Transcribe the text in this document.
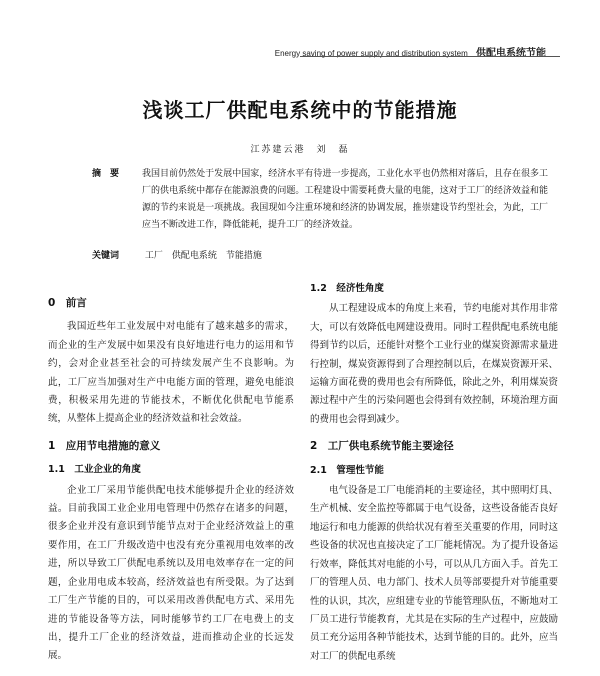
Energy saving of power supply and distribution system 供配电系统节能
浅谈工厂供配电系统中的节能措施
江苏建云港　刘　磊
摘　要	我国目前仍然处于发展中国家，经济水平有待进一步提高，工业化水平也仍然相对落后，且存在很多工厂的供电系统中都存在能源浪费的问题。工程建设中需要耗费大量的电能，这对于工厂的经济效益和能源的节约来说是一项挑战。我国现如今注重环境和经济的协调发展，推崇建设节约型社会，为此，工厂应当不断改进工作，降低能耗，提升工厂的经济效益。
关键词	工厂　供配电系统　节能措施
0　前言

我国近些年工业发展中对电能有了越来越多的需求，而企业的生产发展中如果没有良好地进行电力的运用和节约，会对企业甚至社会的可持续发展产生不良影响。为此，工厂应当加强对生产中电能方面的管理，避免电能浪费，积极采用先进的节能技术，不断优化供配电节能系统，从整体上提高企业的经济效益和社会效益。

1　应用节电措施的意义
1.1　工业企业的角度

企业工厂采用节能供配电技术能够提升企业的经济效益。目前我国工业企业用电管理中仍然存在诸多的问题，很多企业并没有意识到节能节点对于企业经济效益上的重要作用，在工厂升级改造中也没有充分重视用电效率的改进，所以导致工厂供配电系统以及用电效率存在一定的问题，企业用电成本较高，经济效益也有所受限。为了达到工厂生产节能的目的，可以采用改善供配电方式、采用先进的节能设备等方法，同时能够节约工厂在电费上的支出，提升工厂企业的经济效益，进而推动企业的长远发展。

1.2　经济性角度

从工程建设成本的角度上来看，节约电能对其作用非常大，可以有效降低电网建设费用。同时工程供配电系统电能得到节约以后，还能针对整个工业行业的煤炭资源需求量进行控制，煤炭资源得到了合理控制以后，在煤炭资源开采、运输方面花费的费用也会有所降低，除此之外，利用煤炭资源过程中产生的污染问题也会得到有效控制，环境治理方面的费用也会得到减少。

2　工厂供电系统节能主要途径
2.1　管理性节能

电气设备是工厂电能消耗的主要途径，其中照明灯具、生产机械、安全监控等都属于电气设备，这些设备能否良好地运行和电力能源的供给状况有着至关重要的作用，同时这些设备的状况也直接决定了工厂能耗情况。为了提升设备运行效率，降低其对电能的小号，可以从几方面入手。首先工厂的管理人员、电力部门、技术人员等部要提升对节能重要性的认识，其次，应组建专业的节能管理队伍，不断地对工厂员工进行节能教育，尤其是在实际的生产过程中，应鼓励员工充分运用各种节能技术，达到节能的目的。此外，应当对工厂的供配电系统
